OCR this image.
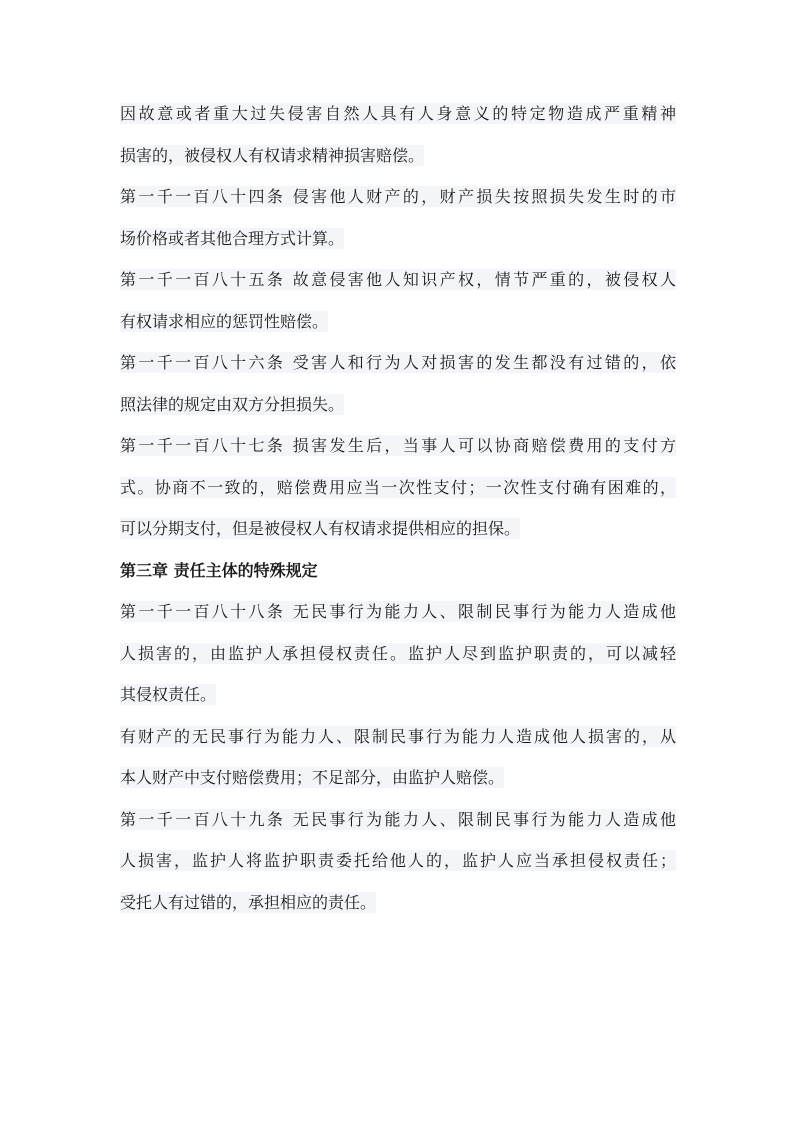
因故意或者重大过失侵害自然人具有人身意义的特定物造成严重精神
损害的，被侵权人有权请求精神损害赔偿。
第一千一百八十四条 侵害他人财产的，财产损失按照损失发生时的市
场价格或者其他合理方式计算。
第一千一百八十五条 故意侵害他人知识产权，情节严重的，被侵权人
有权请求相应的惩罚性赔偿。
第一千一百八十六条 受害人和行为人对损害的发生都没有过错的，依
照法律的规定由双方分担损失。
第一千一百八十七条 损害发生后，当事人可以协商赔偿费用的支付方
式。协商不一致的，赔偿费用应当一次性支付；一次性支付确有困难的，
可以分期支付，但是被侵权人有权请求提供相应的担保。
第三章 责任主体的特殊规定
第一千一百八十八条 无民事行为能力人、限制民事行为能力人造成他
人损害的，由监护人承担侵权责任。监护人尽到监护职责的，可以减轻
其侵权责任。
有财产的无民事行为能力人、限制民事行为能力人造成他人损害的，从
本人财产中支付赔偿费用；不足部分，由监护人赔偿。
第一千一百八十九条 无民事行为能力人、限制民事行为能力人造成他
人损害，监护人将监护职责委托给他人的，监护人应当承担侵权责任；
受托人有过错的，承担相应的责任。
